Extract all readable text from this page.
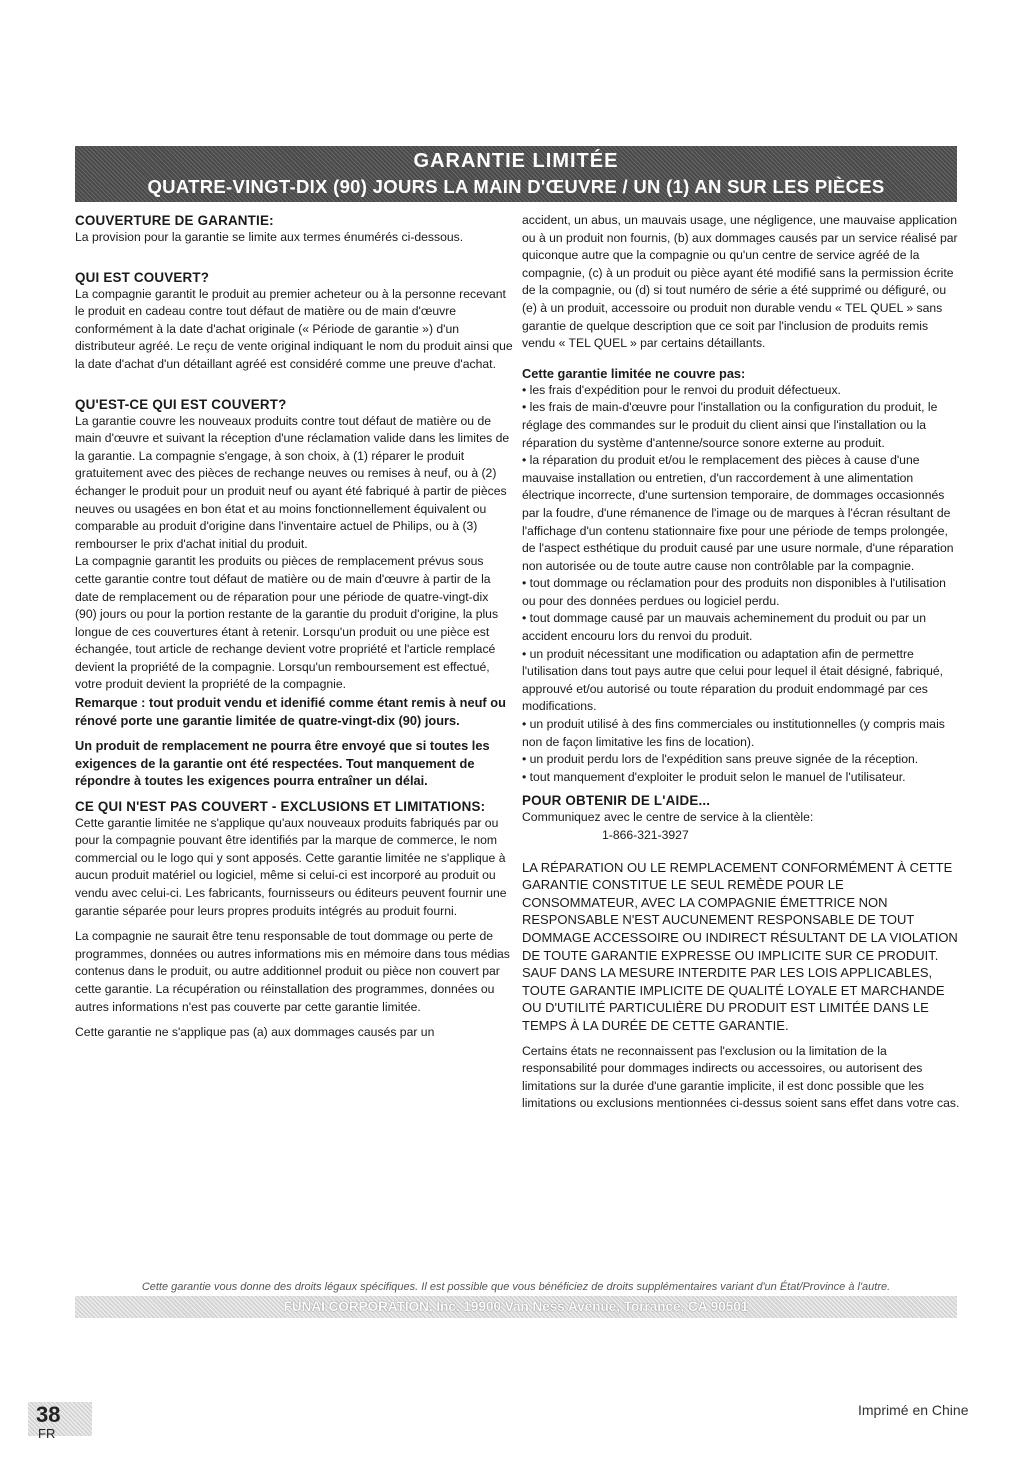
GARANTIE LIMITÉE
QUATRE-VINGT-DIX (90) JOURS LA MAIN D'ŒUVRE / UN (1) AN SUR LES PIÈCES
COUVERTURE DE GARANTIE:

La provision pour la garantie se limite aux termes énumérés ci-dessous.

QUI EST COUVERT?

La compagnie garantit le produit au premier acheteur ou à la personne recevant le produit en cadeau contre tout défaut de matière ou de main d'œuvre conformément à la date d'achat originale (« Période de garantie ») d'un distributeur agréé. Le reçu de vente original indiquant le nom du produit ainsi que la date d'achat d'un détaillant agréé est considéré comme une preuve d'achat.

QU'EST-CE QUI EST COUVERT?

La garantie couvre les nouveaux produits contre tout défaut de matière ou de main d'œuvre et suivant la réception d'une réclamation valide dans les limites de la garantie. La compagnie s'engage, à son choix, à (1) réparer le produit gratuitement avec des pièces de rechange neuves ou remises à neuf, ou à (2) échanger le produit pour un produit neuf ou ayant été fabriqué à partir de pièces neuves ou usagées en bon état et au moins fonctionnellement équivalent ou comparable au produit d'origine dans l'inventaire actuel de Philips, ou à (3) rembourser le prix d'achat initial du produit.

La compagnie garantit les produits ou pièces de remplacement prévus sous cette garantie contre tout défaut de matière ou de main d'œuvre à partir de la date de remplacement ou de réparation pour une période de quatre-vingt-dix (90) jours ou pour la portion restante de la garantie du produit d'origine, la plus longue de ces couvertures étant à retenir. Lorsqu'un produit ou une pièce est échangée, tout article de rechange devient votre propriété et l'article remplacé devient la propriété de la compagnie. Lorsqu'un remboursement est effectué, votre produit devient la propriété de la compagnie.

Remarque : tout produit vendu et idenifié comme étant remis à neuf ou rénové porte une garantie limitée de quatre-vingt-dix (90) jours.

Un produit de remplacement ne pourra être envoyé que si toutes les exigences de la garantie ont été respectées. Tout manquement de répondre à toutes les exigences pourra entraîner un délai.

CE QUI N'EST PAS COUVERT - EXCLUSIONS ET LIMITATIONS:

Cette garantie limitée ne s'applique qu'aux nouveaux produits fabriqués par ou pour la compagnie pouvant être identifiés par la marque de commerce, le nom commercial ou le logo qui y sont apposés. Cette garantie limitée ne s'applique à aucun produit matériel ou logiciel, même si celui-ci est incorporé au produit ou vendu avec celui-ci. Les fabricants, fournisseurs ou éditeurs peuvent fournir une garantie séparée pour leurs propres produits intégrés au produit fourni.

La compagnie ne saurait être tenu responsable de tout dommage ou perte de programmes, données ou autres informations mis en mémoire dans tous médias contenus dans le produit, ou autre additionnel produit ou pièce non couvert par cette garantie. La récupération ou réinstallation des programmes, données ou autres informations n'est pas couverte par cette garantie limitée.

Cette garantie ne s'applique pas (a) aux dommages causés par un

accident, un abus, un mauvais usage, une négligence, une mauvaise application ou à un produit non fournis, (b) aux dommages causés par un service réalisé par quiconque autre que la compagnie ou qu'un centre de service agréé de la compagnie, (c) à un produit ou pièce ayant été modifié sans la permission écrite de la compagnie, ou (d) si tout numéro de série a été supprimé ou défiguré, ou (e) à un produit, accessoire ou produit non durable vendu « TEL QUEL » sans garantie de quelque description que ce soit par l'inclusion de produits remis vendu « TEL QUEL » par certains détaillants.

Cette garantie limitée ne couvre pas:

• les frais d'expédition pour le renvoi du produit défectueux.

• les frais de main-d'œuvre pour l'installation ou la configuration du produit, le réglage des commandes sur le produit du client ainsi que l'installation ou la réparation du système d'antenne/source sonore externe au produit.

• la réparation du produit et/ou le remplacement des pièces à cause d'une mauvaise installation ou entretien, d'un raccordement à une alimentation électrique incorrecte, d'une surtension temporaire, de dommages occasionnés par la foudre, d'une rémanence de l'image ou de marques à l'écran résultant de l'affichage d'un contenu stationnaire fixe pour une période de temps prolongée, de l'aspect esthétique du produit causé par une usure normale, d'une réparation non autorisée ou de toute autre cause non contrôlable par la compagnie.

• tout dommage ou réclamation pour des produits non disponibles à l'utilisation ou pour des données perdues ou logiciel perdu.

• tout dommage causé par un mauvais acheminement du produit ou par un accident encouru lors du renvoi du produit.

• un produit nécessitant une modification ou adaptation afin de permettre l'utilisation dans tout pays autre que celui pour lequel il était désigné, fabriqué, approuvé et/ou autorisé ou toute réparation du produit endommagé par ces modifications.

• un produit utilisé à des fins commerciales ou institutionnelles (y compris mais non de façon limitative les fins de location).

• un produit perdu lors de l'expédition sans preuve signée de la réception.

• tout manquement d'exploiter le produit selon le manuel de l'utilisateur.

POUR OBTENIR DE L'AIDE...

Communiquez avec le centre de service à la clientèle:

1-866-321-3927

LA RÉPARATION OU LE REMPLACEMENT CONFORMÉMENT À CETTE GARANTIE CONSTITUE LE SEUL REMÈDE POUR LE CONSOMMATEUR, AVEC LA COMPAGNIE ÉMETTRICE NON RESPONSABLE N'EST AUCUNEMENT RESPONSABLE DE TOUT DOMMAGE ACCESSOIRE OU INDIRECT RÉSULTANT DE LA VIOLATION DE TOUTE GARANTIE EXPRESSE OU IMPLICITE SUR CE PRODUIT. SAUF DANS LA MESURE INTERDITE PAR LES LOIS APPLICABLES, TOUTE GARANTIE IMPLICITE DE QUALITÉ LOYALE ET MARCHANDE OU D'UTILITÉ PARTICULIÈRE DU PRODUIT EST LIMITÉE DANS LE TEMPS À LA DURÉE DE CETTE GARANTIE.

Certains états ne reconnaissent pas l'exclusion ou la limitation de la responsabilité pour dommages indirects ou accessoires, ou autorisent des limitations sur la durée d'une garantie implicite, il est donc possible que les limitations ou exclusions mentionnées ci-dessus soient sans effet dans votre cas.

Cette garantie vous donne des droits légaux spécifiques. Il est possible que vous bénéficiez de droits supplémentaires variant d'un État/Province à l'autre.
FUNAI CORPORATION, Inc. 19900 Van Ness Avenue, Torrance, CA 90501
38
FR
Imprimé en Chine
